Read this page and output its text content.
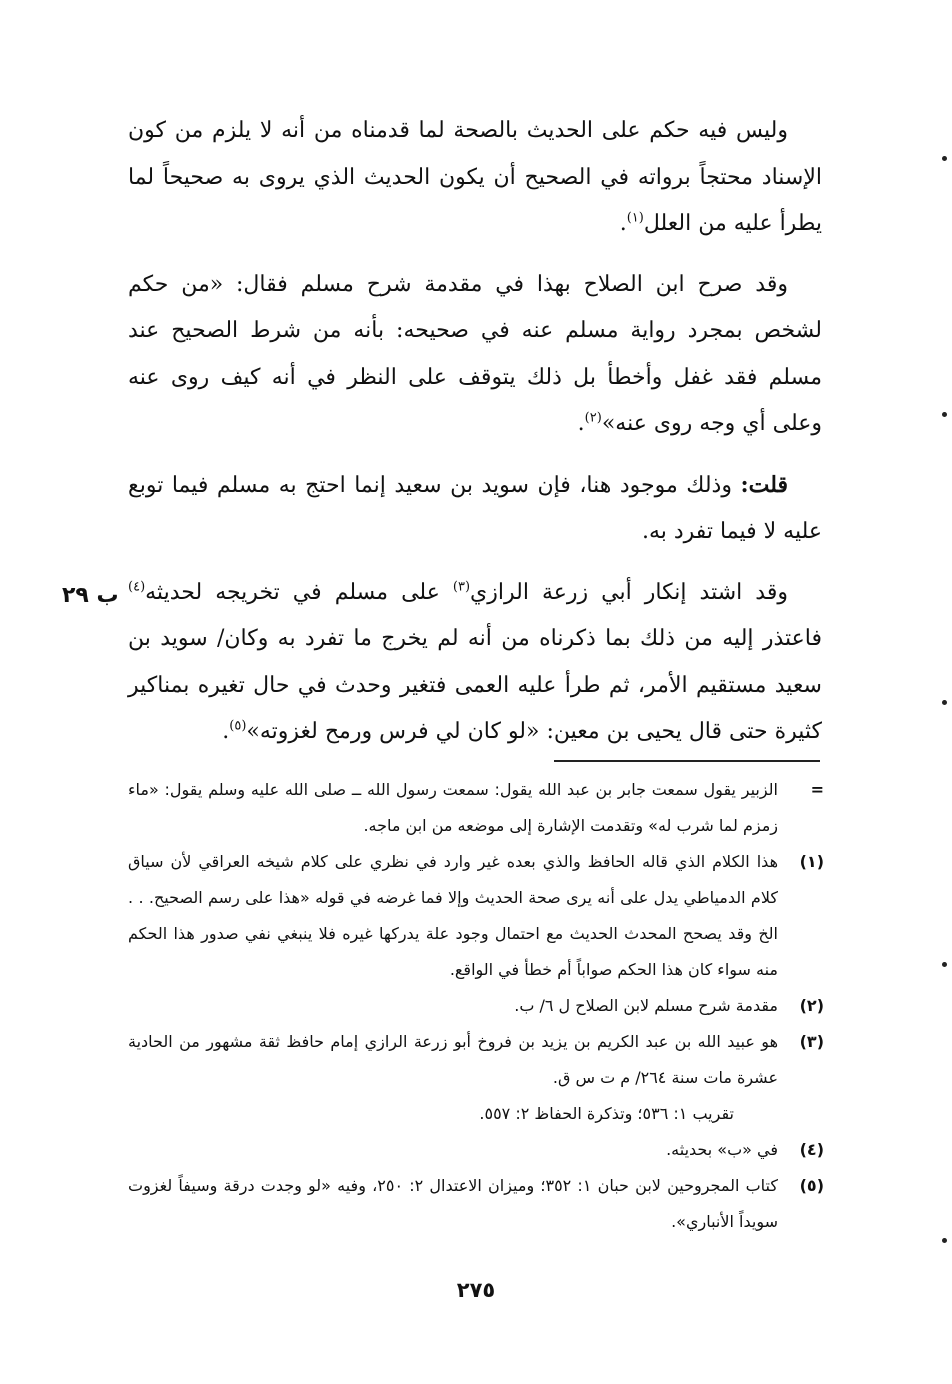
وليس فيه حكم على الحديث بالصحة لما قدمناه من أنه لا يلزم من كون الإسناد محتجاً برواته في الصحيح أن يكون الحديث الذي يروى به صحيحاً لما يطرأ عليه من العلل$^{(١)}$.

وقد صرح ابن الصلاح بهذا في مقدمة شرح مسلم فقال: «من حكم لشخص بمجرد رواية مسلم عنه في صحيحه: بأنه من شرط الصحيح عند مسلم فقد غفل وأخطأ بل ذلك يتوقف على النظر في أنه كيف روى عنه وعلى أي وجه روى عنه»$^{(٢)}$.

قلت: وذلك موجود هنا، فإن سويد بن سعيد إنما احتج به مسلم فيما توبع عليه لا فيما تفرد به.

وقد اشتد إنكار أبي زرعة الرازي$^{(٣)}$ على مسلم في تخريجه لحديثه$^{(٤)}$ فاعتذر إليه من ذلك بما ذكرناه من أنه لم يخرج ما تفرد به وكان/ سويد بن سعيد مستقيم الأمر، ثم طرأ عليه العمى فتغير وحدث في حال تغيره بمناكير كثيرة حتى قال يحيى بن معين: «لو كان لي فرس ورمح لغزوته»$^{(٥)}$.

ب ٢٩
=
الزبير يقول سمعت جابر بن عبد الله يقول: سمعت رسول الله ــ صلى الله عليه وسلم يقول: «ماء زمزم لما شرب له» وتقدمت الإشارة إلى موضعه من ابن ماجه.
(١)
هذا الكلام الذي قاله الحافظ والذي بعده غير وارد في نظري على كلام شيخه العراقي لأن سياق كلام الدمياطي يدل على أنه يرى صحة الحديث وإلا فما غرضه في قوله «هذا على رسم الصحيح. . . الخ وقد يصحح المحدث الحديث مع احتمال وجود علة يدركها غيره فلا ينبغي نفي صدور هذا الحكم منه سواء كان هذا الحكم صواباً أم خطأ في الواقع.
(٢)
مقدمة شرح مسلم لابن الصلاح ل ٦/ ب.
(٣)
هو عبيد الله بن عبد الكريم بن يزيد بن فروخ أبو زرعة الرازي إمام حافظ ثقة مشهور من الحادية عشرة مات سنة ٢٦٤/ م ت س ق.
تقريب ١: ٥٣٦؛ وتذكرة الحفاظ ٢: ٥٥٧.
(٤)
في «ب» بحديثه.
(٥)
كتاب المجروحين لابن حبان ١: ٣٥٢؛ وميزان الاعتدال ٢: ٢٥٠، وفيه «لو وجدت درقة وسيفاً لغزوت سويداً الأنباري».
٢٧٥
